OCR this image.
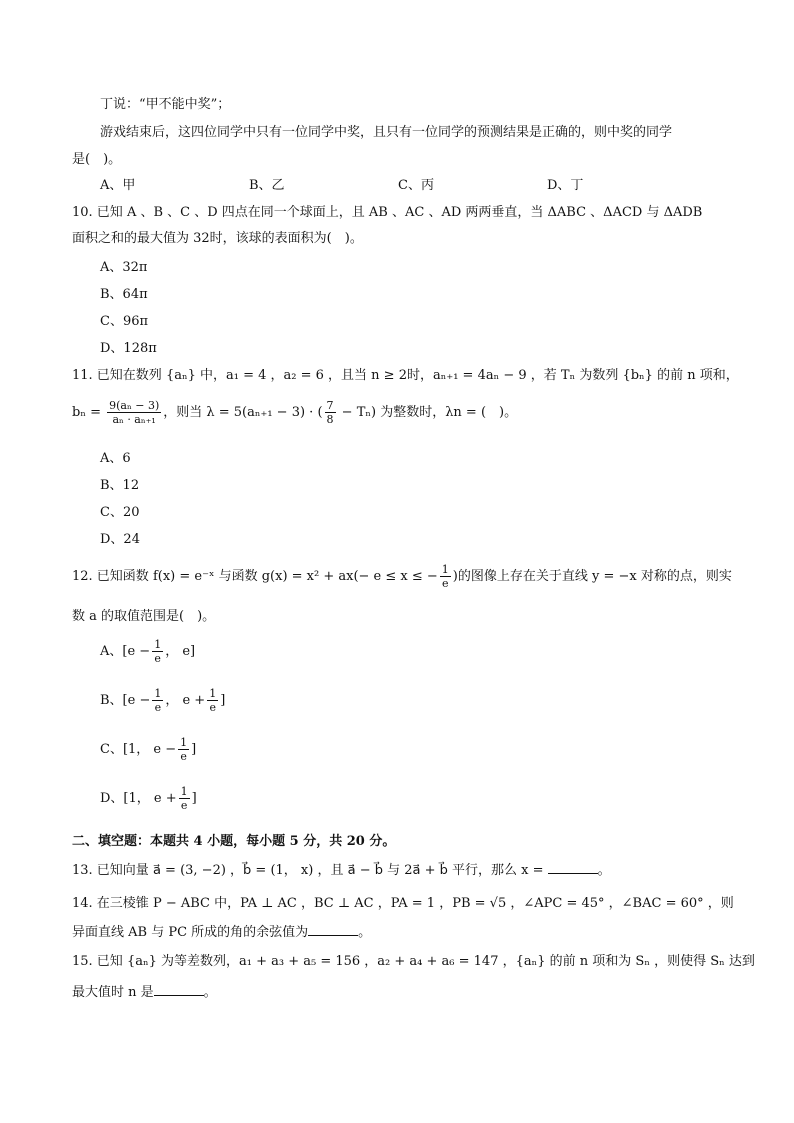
丁说：“甲不能中奖”；
游戏结束后，这四位同学中只有一位同学中奖，且只有一位同学的预测结果是正确的，则中奖的同学
是(　)。
A、甲	B、乙	C、丙	D、丁
10. 已知 A 、B 、C 、D 四点在同一个球面上，且 AB 、AC 、AD 两两垂直，当 ΔABC 、ΔACD 与 ΔADB
面积之和的最大值为 32时，该球的表面积为(　)。
A、32π
B、64π
C、96π
D、128π
11. 已知在数列 {aₙ} 中，a₁ = 4 ，a₂ = 6 ，且当 n ≥ 2时，aₙ₊₁ = 4aₙ − 9 ，若 Tₙ 为数列 {bₙ} 的前 n 项和，
$b_n = \frac{\text{9(aₙ − 3)}}{\text{aₙ · aₙ₊₁}}$ ，则当 λ = 5(aₙ₊₁ − 3) · ( $\frac{7}{8} - T_n$) 为整数时，λn = (　)。
A、6
B、12
C、20
D、24
12. 已知函数 f(x) = e⁻ˣ 与函数 g(x) = x² + ax(− e ≤ x ≤ − $\frac{1}{e}$ )的图像上存在关于直线 y = −x 对称的点，则实
数 a 的取值范围是(　)。
A、[$e - \frac{1}{e}$ ， e]
B、[$e - \frac{1}{e}$ ， $e + \frac{1}{e}$ ]
C、[1， $e - \frac{1}{e}$ ]
D、[1， $e + \frac{1}{e}$ ]
二、填空题：本题共 4 小题，每小题 5 分，共 20 分。
13. 已知向量 a⃗ = (3, −2) ，b⃗ = (1， x) ，且 a⃗ − b⃗ 与 2a⃗ + b⃗ 平行，那么 x =	。
14. 在三棱锥 P − ABC 中，PA ⊥ AC ，BC ⊥ AC ，PA = 1 ，PB = √5 ，∠APC = 45° ，∠BAC = 60° ，则
异面直线 AB 与 PC 所成的角的余弦值为	。
15. 已知 {aₙ} 为等差数列，a₁ + a₃ + a₅ = 156 ，a₂ + a₄ + a₆ = 147 ，{aₙ} 的前 n 项和为 Sₙ ，则使得 Sₙ 达到
最大值时 n 是	。
